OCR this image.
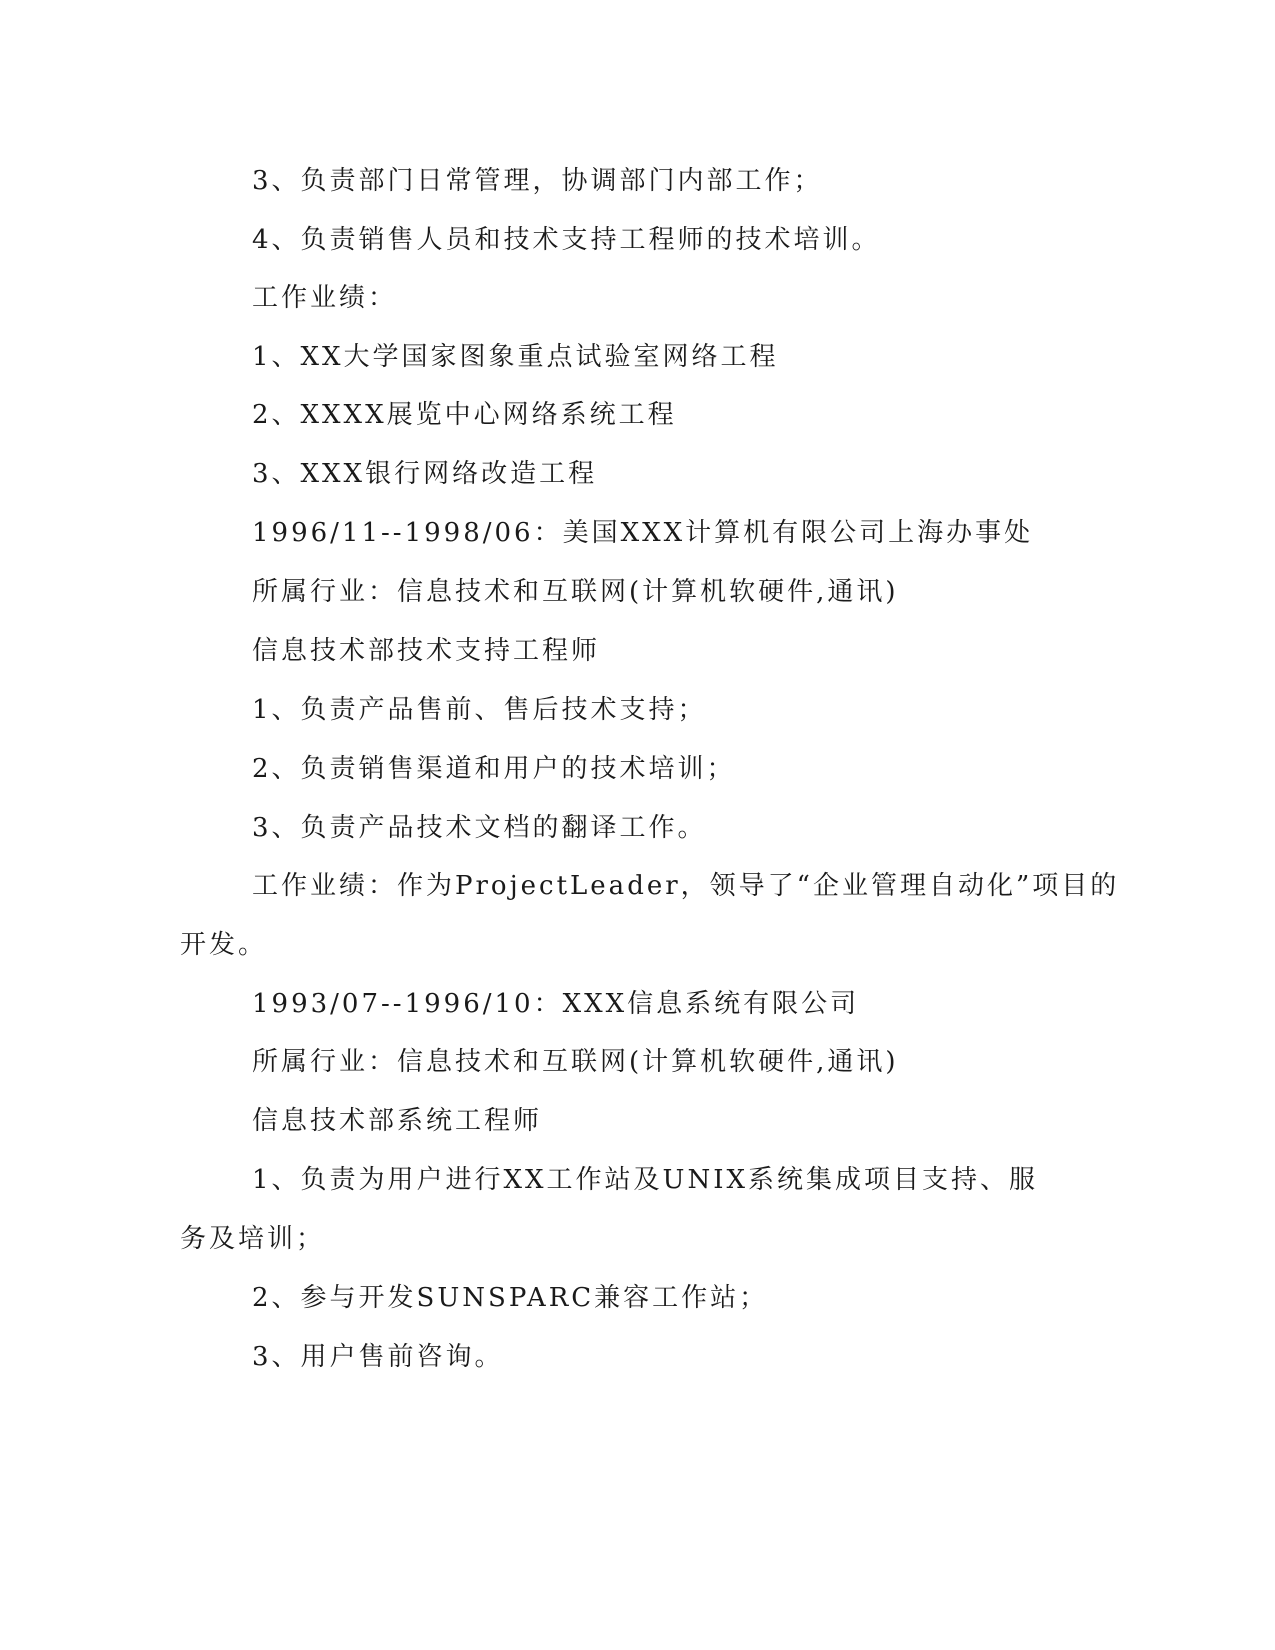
3、负责部门日常管理，协调部门内部工作；

4、负责销售人员和技术支持工程师的技术培训。

工作业绩：

1、XX大学国家图象重点试验室网络工程

2、XXXX展览中心网络系统工程

3、XXX银行网络改造工程

1996/11--1998/06：美国XXX计算机有限公司上海办事处

所属行业：信息技术和互联网(计算机软硬件,通讯)

信息技术部技术支持工程师

1、负责产品售前、售后技术支持；

2、负责销售渠道和用户的技术培训；

3、负责产品技术文档的翻译工作。

工作业绩：作为ProjectLeader，领导了“企业管理自动化”项目的

开发。

1993/07--1996/10：XXX信息系统有限公司

所属行业：信息技术和互联网(计算机软硬件,通讯)

信息技术部系统工程师

1、负责为用户进行XX工作站及UNIX系统集成项目支持、服

务及培训；

2、参与开发SUNSPARC兼容工作站；

3、用户售前咨询。
